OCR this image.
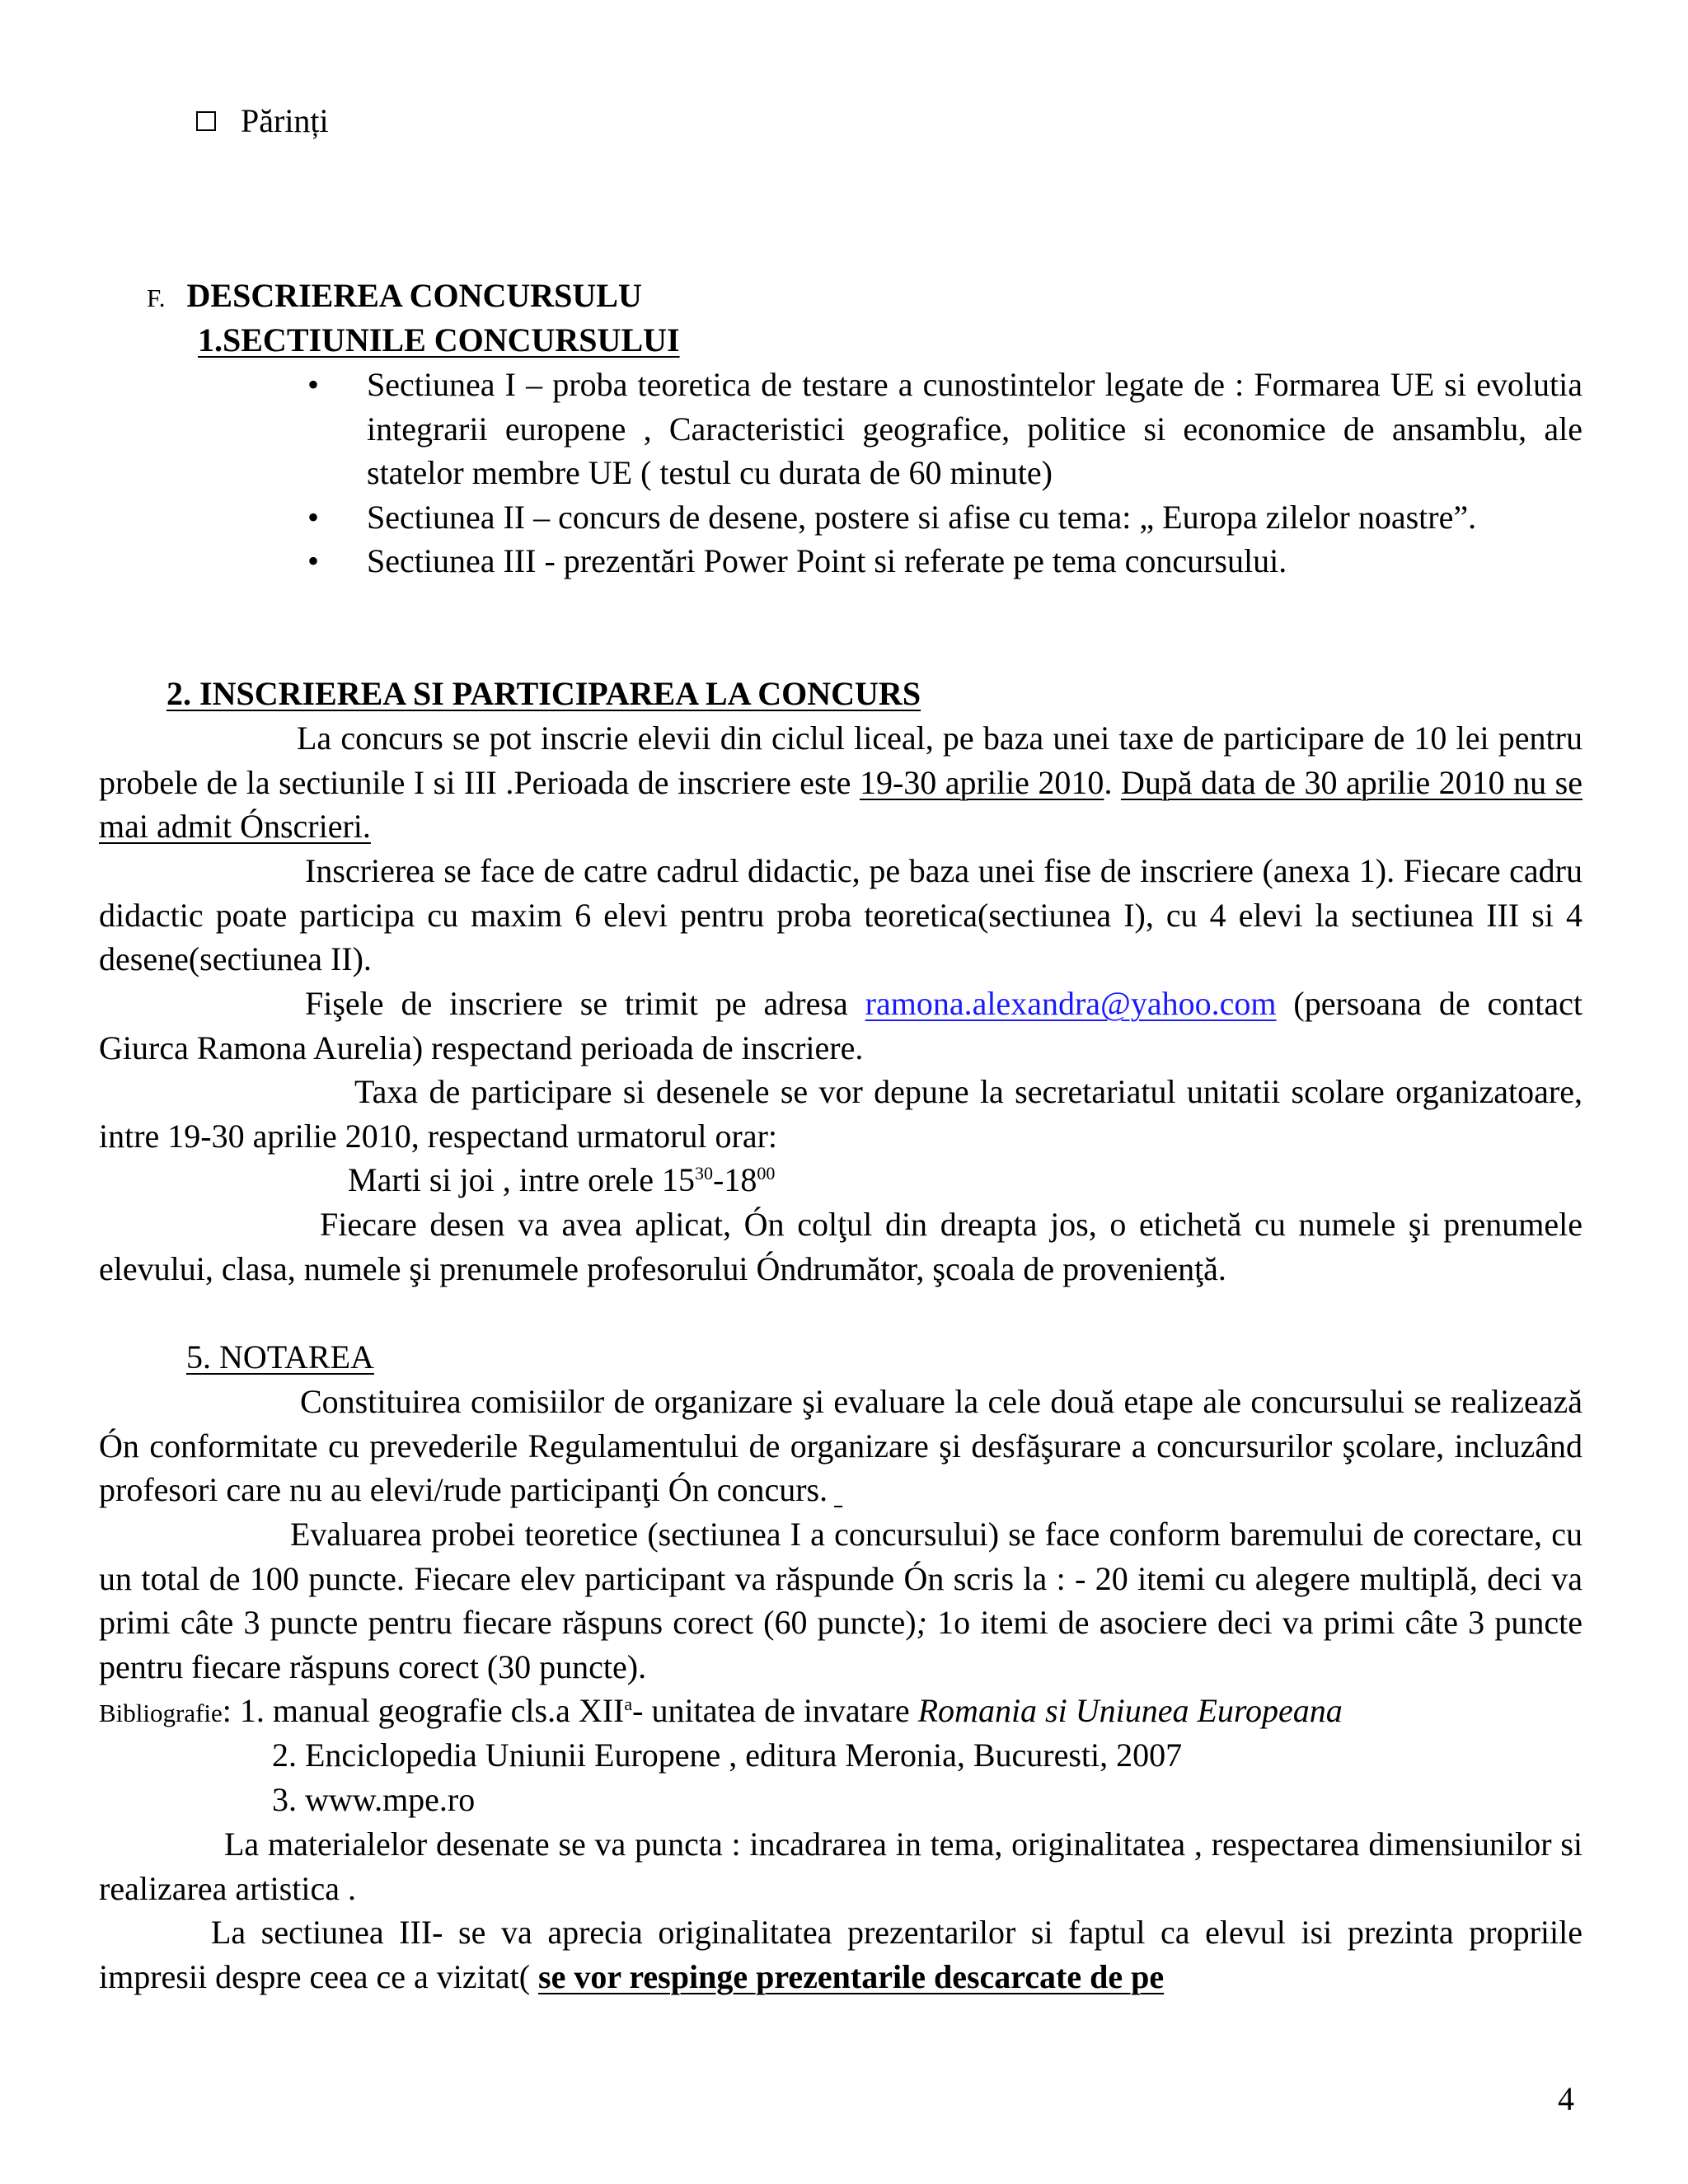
Părinți
F. DESCRIEREA CONCURSULU
1.SECTIUNILE CONCURSULUI
•	Sectiunea I – proba teoretica de testare a cunostintelor legate de : Formarea UE si evolutia integrarii europene , Caracteristici geografice, politice si economice de ansamblu, ale statelor membre UE ( testul cu durata de 60 minute)
•	Sectiunea II – concurs de desene, postere si afise cu tema: „ Europa zilelor noastre”.
•	Sectiunea III - prezentări Power Point si referate pe tema concursului.
2. INSCRIEREA SI PARTICIPAREA LA CONCURS
La concurs se pot inscrie elevii din ciclul liceal, pe baza unei taxe de participare de 10 lei pentru probele de la sectiunile I si III .Perioada de inscriere este 19-30 aprilie 2010. După data de 30 aprilie 2010 nu se mai admit Ónscrieri.
Inscrierea se face de catre cadrul didactic, pe baza unei fise de inscriere (anexa 1). Fiecare cadru didactic poate participa cu maxim 6 elevi pentru proba teoretica(sectiunea I), cu 4 elevi la sectiunea III si 4 desene(sectiunea II).
Fişele de inscriere se trimit pe adresa ramona.alexandra@yahoo.com (persoana de contact Giurca Ramona Aurelia) respectand perioada de inscriere.
Taxa de participare si desenele se vor depune la secretariatul unitatii scolare organizatoare, intre 19-30 aprilie 2010, respectand urmatorul orar:
Marti si joi , intre orele $15^{30}-18^{00}$
Fiecare desen va avea aplicat, Ón colţul din dreapta jos, o etichetă cu numele şi prenumele elevului, clasa, numele şi prenumele profesorului Óndrumător, şcoala de provenienţă.
5. NOTAREA
Constituirea comisiilor de organizare şi evaluare la cele două etape ale concursului se realizează Ón conformitate cu prevederile Regulamentului de organizare şi desfăşurare a concursurilor şcolare, incluzând profesori care nu au elevi/rude participanţi Ón concurs.
Evaluarea probei teoretice (sectiunea I a concursului) se face conform baremului de corectare, cu un total de 100 puncte. Fiecare elev participant va răspunde Ón scris la : - 20 itemi cu alegere multiplă, deci va primi câte 3 puncte pentru fiecare răspuns corect (60 puncte); 1o itemi de asociere deci va primi câte 3 puncte pentru fiecare răspuns corect (30 puncte).
Bibliografie: 1. manual geografie cls.a XII$^a$- unitatea de invatare Romania si Uniunea Europeana
2. Enciclopedia Uniunii Europene , editura Meronia, Bucuresti, 2007
3. www.mpe.ro
La materialelor desenate se va puncta : incadrarea in tema, originalitatea , respectarea dimensiunilor si realizarea artistica .
La sectiunea III- se va aprecia originalitatea prezentarilor si faptul ca elevul isi prezinta propriile impresii despre ceea ce a vizitat( se vor respinge prezentarile descarcate de pe
4
